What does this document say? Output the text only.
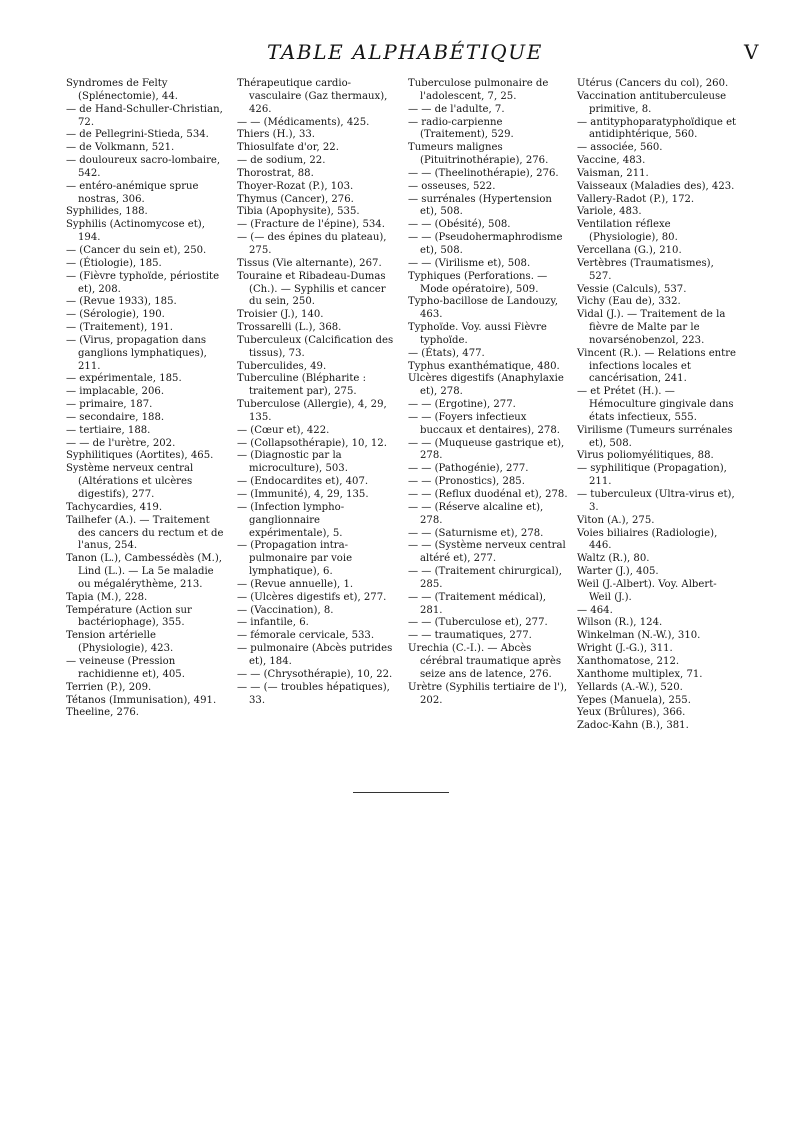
TABLE ALPHABÉTIQUE	V
Syndromes de Felty (Splénectomie), 44.
— de Hand-Schuller-Christian, 72.
— de Pellegrini-Stieda, 534.
— de Volkmann, 521.
— douloureux sacro-lombaire, 542.
— entéro-anémique sprue nostras, 306.
Syphilides, 188.
Syphilis (Actinomycose et), 194.
— (Cancer du sein et), 250.
— (Étiologie), 185.
— (Fièvre typhoïde, périostite et), 208.
— (Revue 1933), 185.
— (Sérologie), 190.
— (Traitement), 191.
— (Virus, propagation dans ganglions lymphatiques), 211.
— expérimentale, 185.
— implacable, 206.
— primaire, 187.
— secondaire, 188.
— tertiaire, 188.
— — de l'urètre, 202.
Syphilitiques (Aortites), 465.
Système nerveux central (Altérations et ulcères digestifs), 277.
Tachycardies, 419.
Tailhefer (A.). — Traitement des cancers du rectum et de l'anus, 254.
Tanon (L.), Cambessédès (M.), Lind (L.). — La 5e maladie ou mégalérythème, 213.
Tapia (M.), 228.
Température (Action sur bactériophage), 355.
Tension artérielle (Physiologie), 423.
— veineuse (Pression rachidienne et), 405.
Terrien (P.), 209.
Tétanos (Immunisation), 491.
Theeline, 276.
Thérapeutique cardio-vasculaire (Gaz thermaux), 426.
— — (Médicaments), 425.
Thiers (H.), 33.
Thiosulfate d'or, 22.
— de sodium, 22.
Thorostrat, 88.
Thoyer-Rozat (P.), 103.
Thymus (Cancer), 276.
Tibia (Apophysite), 535.
— (Fracture de l'épine), 534.
— (— des épines du plateau), 275.
Tissus (Vie alternante), 267.
Touraine et Ribadeau-Dumas (Ch.). — Syphilis et cancer du sein, 250.
Troisier (J.), 140.
Trossarelli (L.), 368.
Tuberculeux (Calcification des tissus), 73.
Tuberculides, 49.
Tuberculine (Blépharite : traitement par), 275.
Tuberculose (Allergie), 4, 29, 135.
— (Cœur et), 422.
— (Collapsothérapie), 10, 12.
— (Diagnostic par la microculture), 503.
— (Endocardites et), 407.
— (Immunité), 4, 29, 135.
— (Infection lympho-ganglionnaire expérimentale), 5.
— (Propagation intra-pulmonaire par voie lymphatique), 6.
— (Revue annuelle), 1.
— (Ulcères digestifs et), 277.
— (Vaccination), 8.
— infantile, 6.
— fémorale cervicale, 533.
— pulmonaire (Abcès putrides et), 184.
— — (Chrysothérapie), 10, 22.
— — (— troubles hépatiques), 33.
Tuberculose pulmonaire de l'adolescent, 7, 25.
— — de l'adulte, 7.
— radio-carpienne (Traitement), 529.
Tumeurs malignes (Pituitrinothérapie), 276.
— — (Theelinothérapie), 276.
— osseuses, 522.
— surrénales (Hypertension et), 508.
— — (Obésité), 508.
— — (Pseudohermaphrodisme et), 508.
— — (Virilisme et), 508.
Typhiques (Perforations. — Mode opératoire), 509.
Typho-bacillose de Landouzy, 463.
Typhoïde. Voy. aussi Fièvre typhoïde.
— (États), 477.
Typhus exanthématique, 480.
Ulcères digestifs (Anaphylaxie et), 278.
— — (Ergotine), 277.
— — (Foyers infectieux buccaux et dentaires), 278.
— — (Muqueuse gastrique et), 278.
— — (Pathogénie), 277.
— — (Pronostics), 285.
— — (Reflux duodénal et), 278.
— — (Réserve alcaline et), 278.
— — (Saturnisme et), 278.
— — (Système nerveux central altéré et), 277.
— — (Traitement chirurgical), 285.
— — (Traitement médical), 281.
— — (Tuberculose et), 277.
— — traumatiques, 277.
Urechia (C.-I.). — Abcès cérébral traumatique après seize ans de latence, 276.
Urètre (Syphilis tertiaire de l'), 202.
Utérus (Cancers du col), 260.
Vaccination antituberculeuse primitive, 8.
— antityphoparatyphoïdique et antidiphtérique, 560.
— associée, 560.
Vaccine, 483.
Vaisman, 211.
Vaisseaux (Maladies des), 423.
Vallery-Radot (P.), 172.
Variole, 483.
Ventilation réflexe (Physiologie), 80.
Vercellana (G.), 210.
Vertèbres (Traumatismes), 527.
Vessie (Calculs), 537.
Vichy (Eau de), 332.
Vidal (J.). — Traitement de la fièvre de Malte par le novarsénobenzol, 223.
Vincent (R.). — Relations entre infections locales et cancérisation, 241.
— et Prétet (H.). — Hémoculture gingivale dans états infectieux, 555.
Virilisme (Tumeurs surrénales et), 508.
Virus poliomyélitiques, 88.
— syphilitique (Propagation), 211.
— tuberculeux (Ultra-virus et), 3.
Viton (A.), 275.
Voies biliaires (Radiologie), 446.
Waltz (R.), 80.
Warter (J.), 405.
Weil (J.-Albert). Voy. Albert-Weil (J.).
— 464.
Wilson (R.), 124.
Winkelman (N.-W.), 310.
Wright (J.-G.), 311.
Xanthomatose, 212.
Xanthome multiplex, 71.
Yellards (A.-W.), 520.
Yepes (Manuela), 255.
Yeux (Brûlures), 366.
Zadoc-Kahn (B.), 381.
